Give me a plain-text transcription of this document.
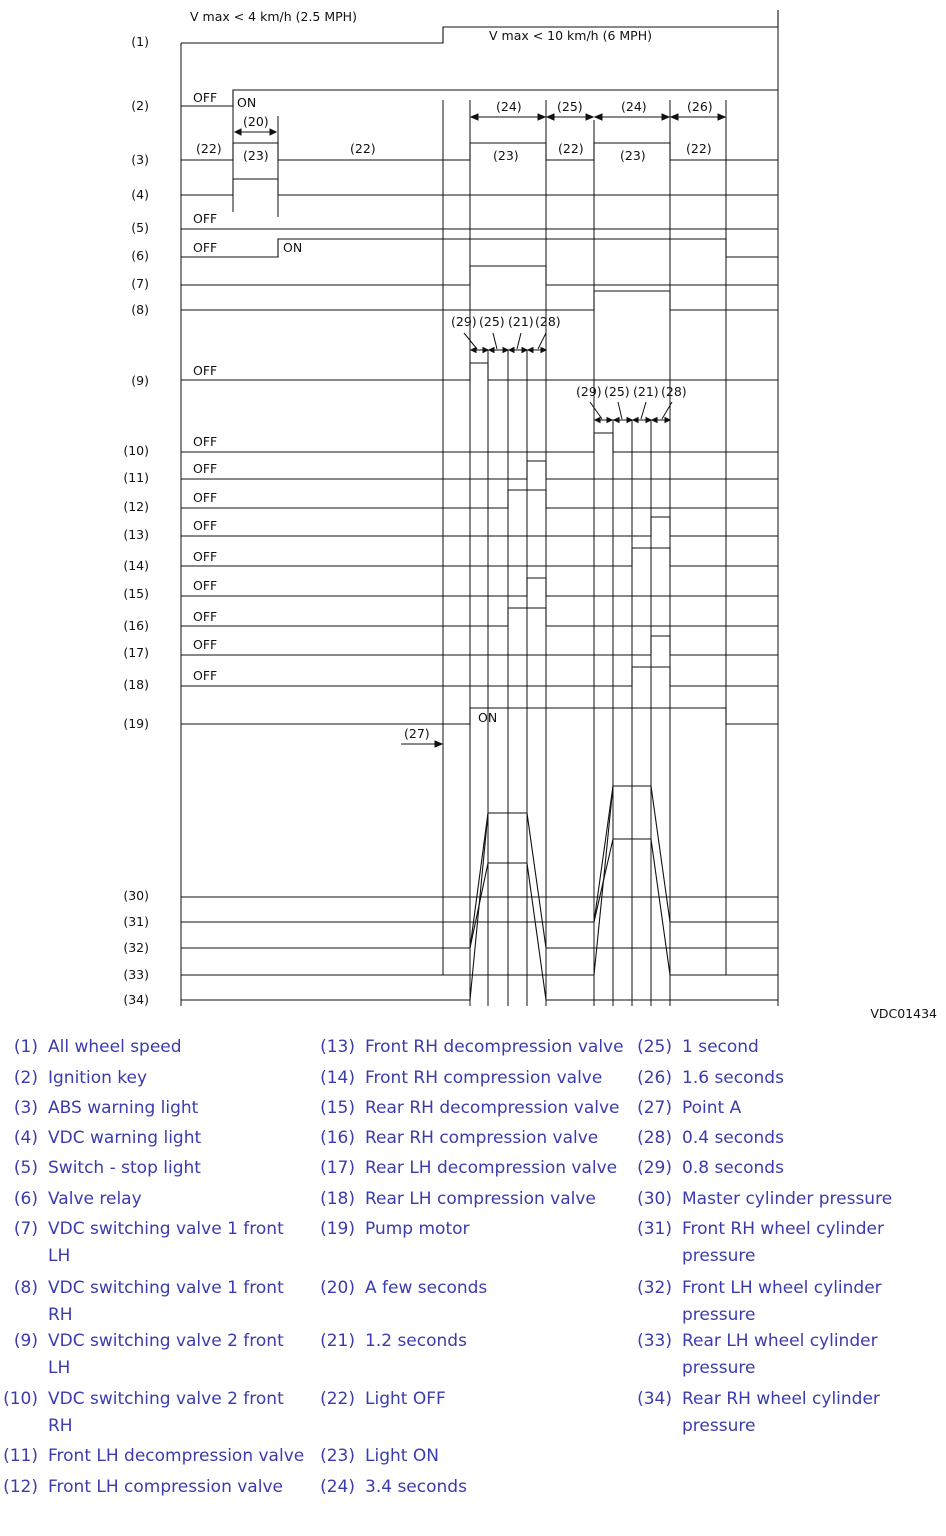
V max < 4 km/h (2.5 MPH)
V max < 10 km/h (6 MPH)
OFF ON
(20)
(22) (23)	(22)
(24)	(25)	(24)	(26)
(23)	(22)	(23)	(22)
OFF
OFF	ON
(29) (25) (21) (28)
(29) (25) (21) (28)
OFF
OFF
OFF
OFF
OFF
OFF
OFF
OFF
OFF
OFF
ON
(27)
(1)
(2)
(3)
(4)
(5)
(6)
(7)
(8)
(9)
(10)
(11)
(12)
(13)
(14)
(15)
(16)
(17)
(18)
(19)
(30)
(31)
(32)
(33)
(34)
VDC01434
(1) All wheel speed
(2) Ignition key
(3) ABS warning light
(4) VDC warning light
(5) Switch - stop light
(6) Valve relay
(7) VDC switching valve 1 front LH
(8) VDC switching valve 1 front RH
(9) VDC switching valve 2 front LH
(10) VDC switching valve 2 front RH
(11) Front LH decompression valve
(12) Front LH compression valve
(13) Front RH decompression valve
(14) Front RH compression valve
(15) Rear RH decompression valve
(16) Rear RH compression valve
(17) Rear LH decompression valve
(18) Rear LH compression valve
(19) Pump motor
(20) A few seconds
(21) 1.2 seconds
(22) Light OFF
(23) Light ON
(24) 3.4 seconds
(25) 1 second
(26) 1.6 seconds
(27) Point A
(28) 0.4 seconds
(29) 0.8 seconds
(30) Master cylinder pressure
(31) Front RH wheel cylinder pressure
(32) Front LH wheel cylinder pressure
(33) Rear LH wheel cylinder pressure
(34) Rear RH wheel cylinder pressure
